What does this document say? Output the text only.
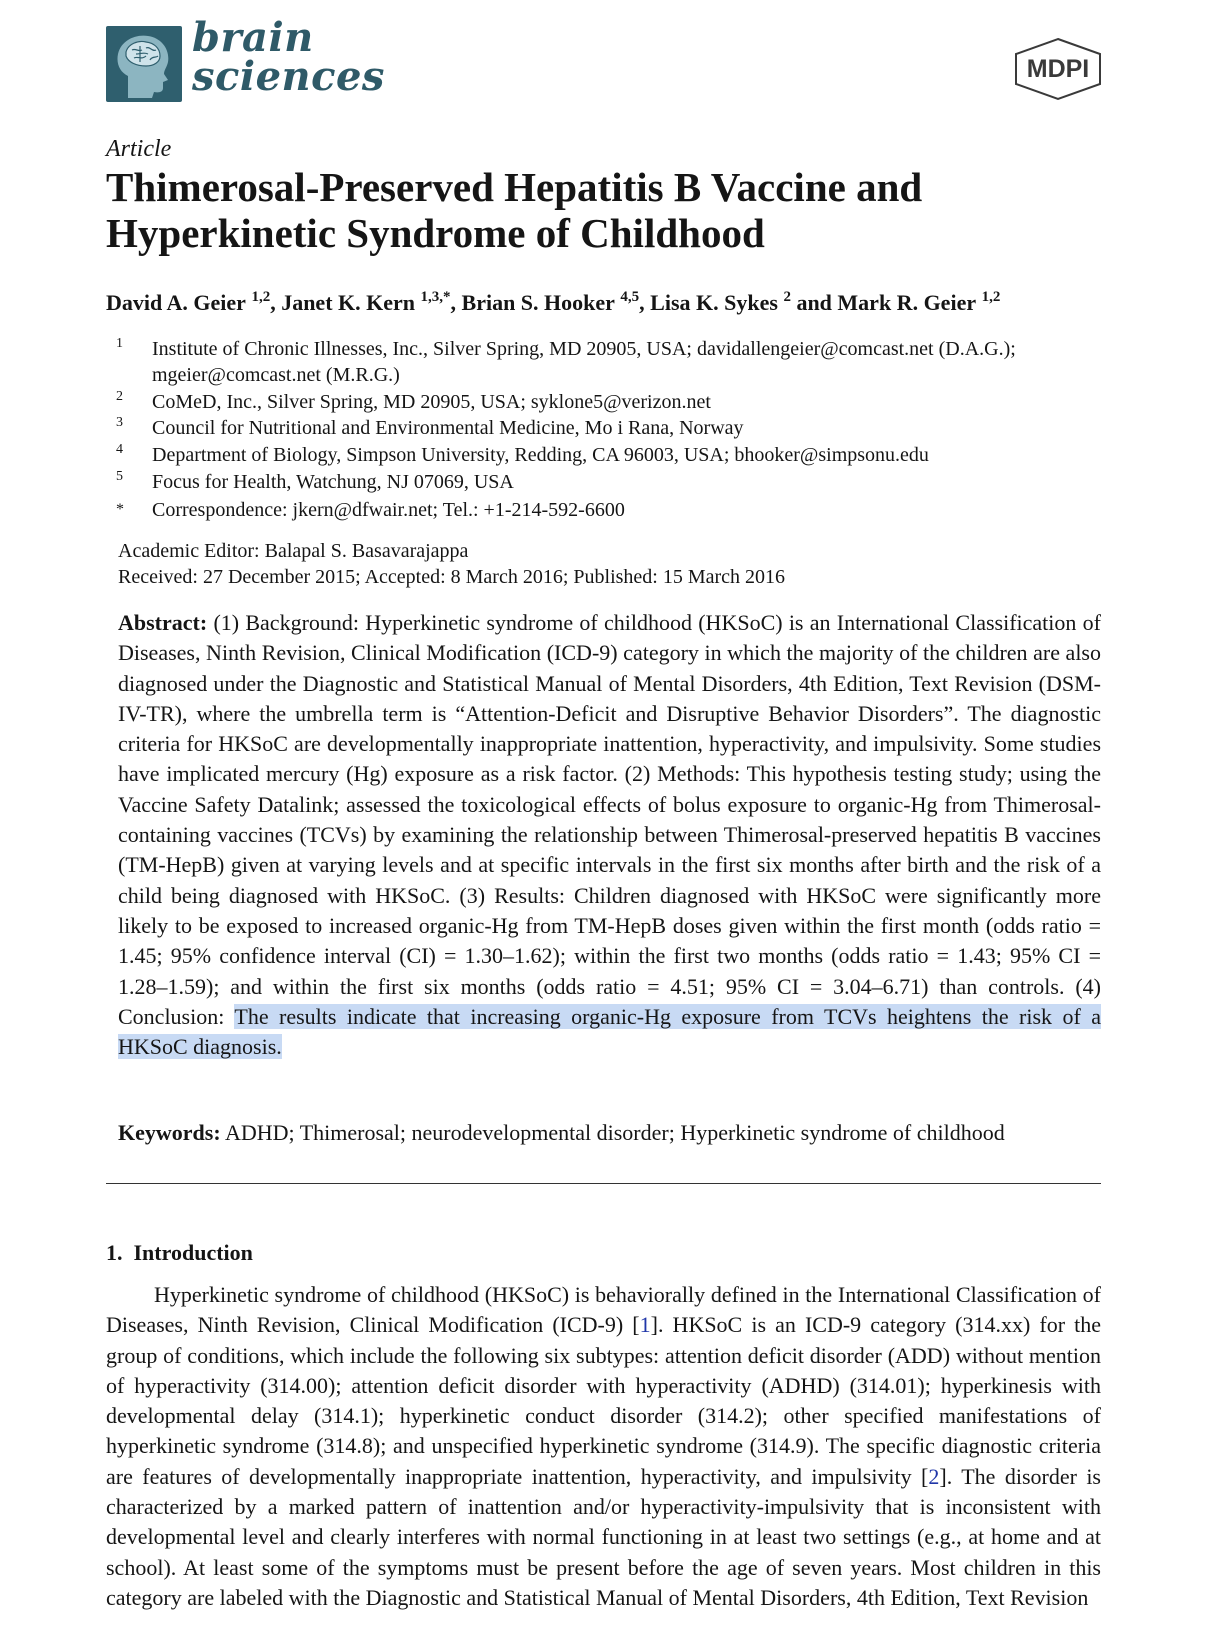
brain
sciences	MDPI
Article
Thimerosal-Preserved Hepatitis B Vaccine and
Hyperkinetic Syndrome of Childhood
David A. Geier $^{1,2}$, Janet K. Kern $^{1,3,*}$, Brian S. Hooker $^{4,5}$, Lisa K. Sykes $^2$ and Mark R. Geier $^{1,2}$
1 Institute of Chronic Illnesses, Inc., Silver Spring, MD 20905, USA; davidallengeier@comcast.net (D.A.G.);
mgeier@comcast.net (M.R.G.)
2 CoMeD, Inc., Silver Spring, MD 20905, USA; syklone5@verizon.net
3 Council for Nutritional and Environmental Medicine, Mo i Rana, Norway
4 Department of Biology, Simpson University, Redding, CA 96003, USA; bhooker@simpsonu.edu
5 Focus for Health, Watchung, NJ 07069, USA
* Correspondence: jkern@dfwair.net; Tel.: +1-214-592-6600
Academic Editor: Balapal S. Basavarajappa
Received: 27 December 2015; Accepted: 8 March 2016; Published: 15 March 2016
Abstract: (1) Background: Hyperkinetic syndrome of childhood (HKSoC) is an International Classification of Diseases, Ninth Revision, Clinical Modification (ICD-9) category in which the majority of the children are also diagnosed under the Diagnostic and Statistical Manual of Mental Disorders, 4th Edition, Text Revision (DSM-IV-TR), where the umbrella term is “Attention-Deficit and Disruptive Behavior Disorders”. The diagnostic criteria for HKSoC are developmentally inappropriate inattention, hyperactivity, and impulsivity. Some studies have implicated mercury (Hg) exposure as a risk factor. (2) Methods: This hypothesis testing study; using the Vaccine Safety Datalink; assessed the toxicological effects of bolus exposure to organic-Hg from Thimerosal-containing vaccines (TCVs) by examining the relationship between Thimerosal-preserved hepatitis B vaccines (TM-HepB) given at varying levels and at specific intervals in the first six months after birth and the risk of a child being diagnosed with HKSoC. (3) Results: Children diagnosed with HKSoC were significantly more likely to be exposed to increased organic-Hg from TM-HepB doses given within the first month (odds ratio = 1.45; 95% confidence interval (CI) = 1.30–1.62); within the first two months (odds ratio = 1.43; 95% CI = 1.28–1.59); and within the first six months (odds ratio = 4.51; 95% CI = 3.04–6.71) than controls. (4) Conclusion: The results indicate that increasing organic-Hg exposure from TCVs heightens the risk of a HKSoC diagnosis.
Keywords: ADHD; Thimerosal; neurodevelopmental disorder; Hyperkinetic syndrome of childhood
1. Introduction
Hyperkinetic syndrome of childhood (HKSoC) is behaviorally defined in the International Classification of Diseases, Ninth Revision, Clinical Modification (ICD-9) [1]. HKSoC is an ICD-9 category (314.xx) for the group of conditions, which include the following six subtypes: attention deficit disorder (ADD) without mention of hyperactivity (314.00); attention deficit disorder with hyperactivity (ADHD) (314.01); hyperkinesis with developmental delay (314.1); hyperkinetic conduct disorder (314.2); other specified manifestations of hyperkinetic syndrome (314.8); and unspecified hyperkinetic syndrome (314.9). The specific diagnostic criteria are features of developmentally inappropriate inattention, hyperactivity, and impulsivity [2]. The disorder is characterized by a marked pattern of inattention and/or hyperactivity-impulsivity that is inconsistent with developmental level and clearly interferes with normal functioning in at least two settings (e.g., at home and at school). At least some of the symptoms must be present before the age of seven years. Most children in this category are labeled with the Diagnostic and Statistical Manual of Mental Disorders, 4th Edition, Text Revision
